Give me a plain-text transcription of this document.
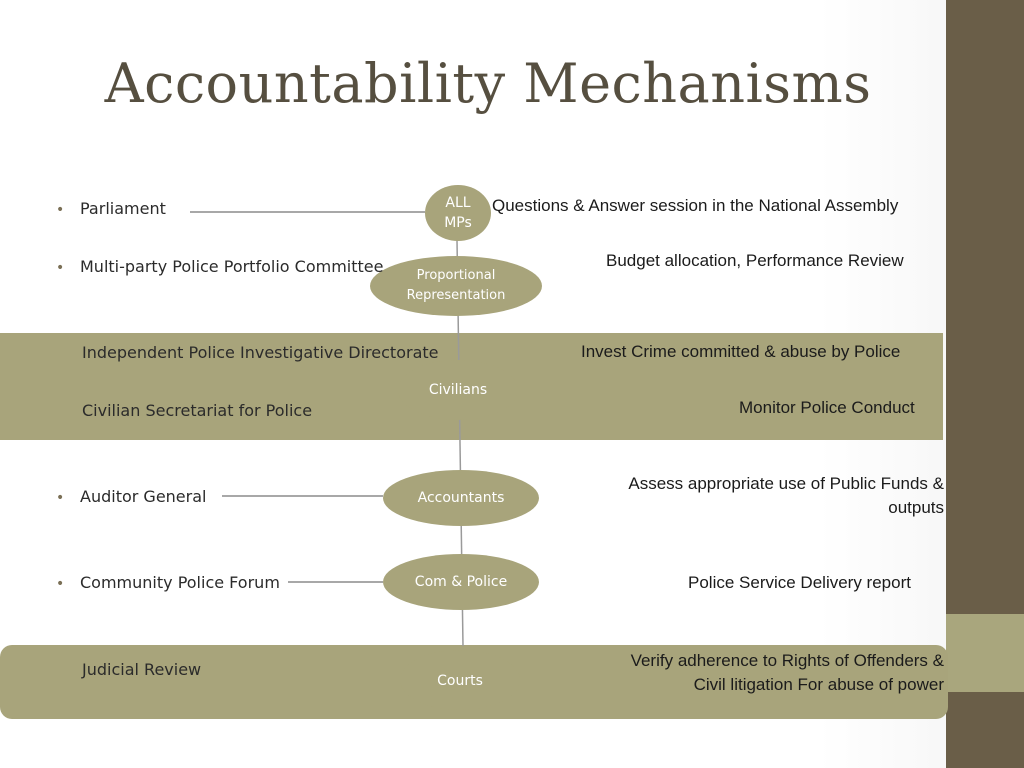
Accountability Mechanisms
ALL
MPs
Proportional
Representation
Civilians
Accountants
Com & Police
Courts
• Parliament
• Multi-party Police Portfolio Committee
Independent Police Investigative Directorate
Civilian Secretariat for Police
• Auditor General
• Community Police Forum
Judicial Review
Questions & Answer session in the National Assembly
Budget allocation, Performance Review
Invest Crime committed & abuse by Police
Monitor Police Conduct
Assess appropriate use of Public Funds &
outputs
Police Service Delivery report
Verify adherence to Rights of Offenders &
Civil litigation For abuse of power
